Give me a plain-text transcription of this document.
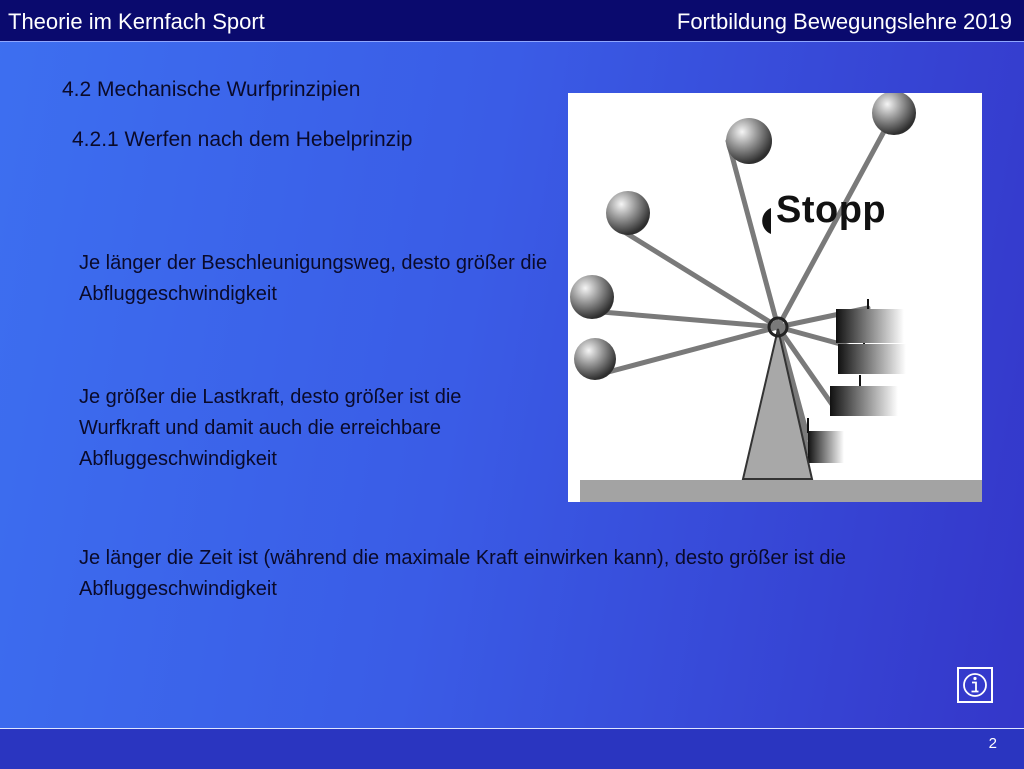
Theorie im Kernfach Sport	Fortbildung Bewegungslehre 2019
4.2 Mechanische Wurfprinzipien
4.2.1 Werfen nach dem Hebelprinzip
Je länger der Beschleunigungsweg, desto größer die Abfluggeschwindigkeit
Je größer die Lastkraft, desto größer ist die Wurfkraft und damit auch die erreichbare Abfluggeschwindigkeit
Je länger die Zeit ist (während die maximale Kraft einwirken kann), desto größer ist die Abfluggeschwindigkeit
Stopp
2
